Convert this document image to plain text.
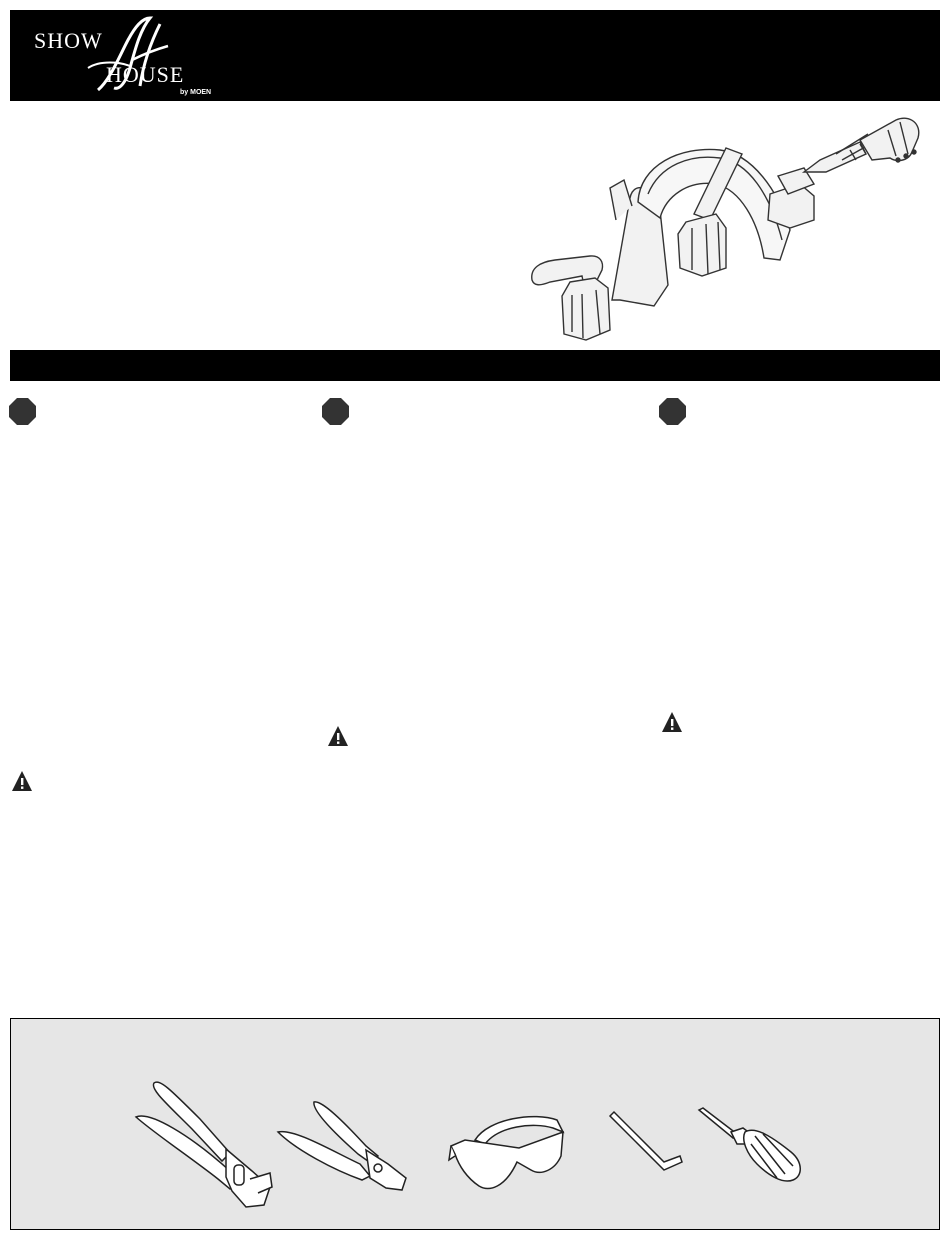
SHOW
HOUSE
by MOEN
